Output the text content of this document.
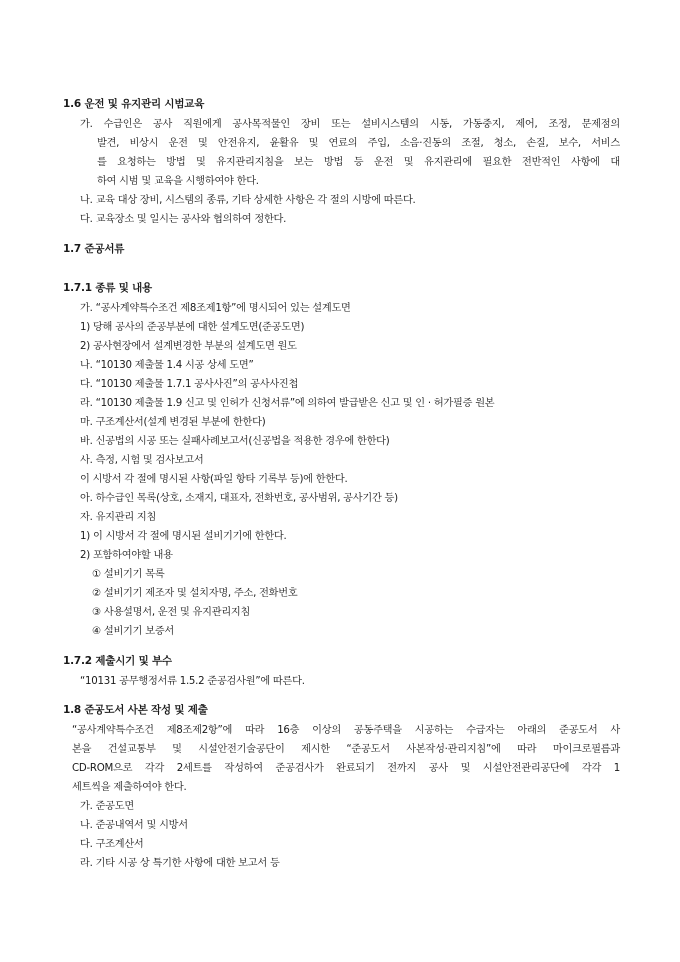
1.6 운전 및 유지관리 시범교육
가. 수급인은 공사 직원에게 공사목적물인 장비 또는 설비시스템의 시동, 가동중지, 제어, 조정, 문제점의
발견, 비상시 운전 및 안전유지, 윤활유 및 연료의 주입, 소음·진동의 조절, 청소, 손질, 보수, 서비스
를 요청하는 방법 및 유지관리지침을 보는 방법 등 운전 및 유지관리에 필요한 전반적인 사항에 대
하여 시범 및 교육을 시행하여야 한다.
나. 교육 대상 장비, 시스템의 종류, 기타 상세한 사항은 각 절의 시방에 따른다.
다. 교육장소 및 일시는 공사와 협의하여 정한다.
1.7 준공서류
1.7.1 종류 및 내용
가. “공사계약특수조건 제8조제1항”에 명시되어 있는 설계도면
1) 당해 공사의 준공부분에 대한 설계도면(준공도면)
2) 공사현장에서 설계변경한 부분의 설계도면 원도
나. “10130 제출물 1.4 시공 상세 도면”
다. “10130 제출물 1.7.1 공사사진”의 공사사진첩
라. “10130 제출물 1.9 신고 및 인허가 신청서류”에 의하여 발급받은 신고 및 인 · 허가필증 원본
마. 구조계산서(설계 변경된 부분에 한한다)
바. 신공법의 시공 또는 실패사례보고서(신공법을 적용한 경우에 한한다)
사. 측정, 시험 및 검사보고서
이 시방서 각 절에 명시된 사항(파일 항타 기록부 등)에 한한다.
아. 하수급인 목록(상호, 소재지, 대표자, 전화번호, 공사범위, 공사기간 등)
자. 유지관리 지침
1) 이 시방서 각 절에 명시된 설비기기에 한한다.
2) 포함하여야할 내용
① 설비기기 목록
② 설비기기 제조자 및 설치자명, 주소, 전화번호
③ 사용설명서, 운전 및 유지관리지침
④ 설비기기 보증서
1.7.2 제출시기 및 부수
“10131 공무행정서류 1.5.2 준공검사원”에 따른다.
1.8 준공도서 사본 작성 및 제출
“공사계약특수조건 제8조제2항”에 따라 16층 이상의 공동주택을 시공하는 수급자는 아래의 준공도서 사
본을 건설교통부 및 시설안전기술공단이 제시한 “준공도서 사본작성·관리지침”에 따라 마이크로필름과
CD-ROM으로 각각 2세트를 작성하여 준공검사가 완료되기 전까지 공사 및 시설안전관리공단에 각각 1
세트씩을 제출하여야 한다.
가. 준공도면
나. 준공내역서 및 시방서
다. 구조계산서
라. 기타 시공 상 특기한 사항에 대한 보고서 등
